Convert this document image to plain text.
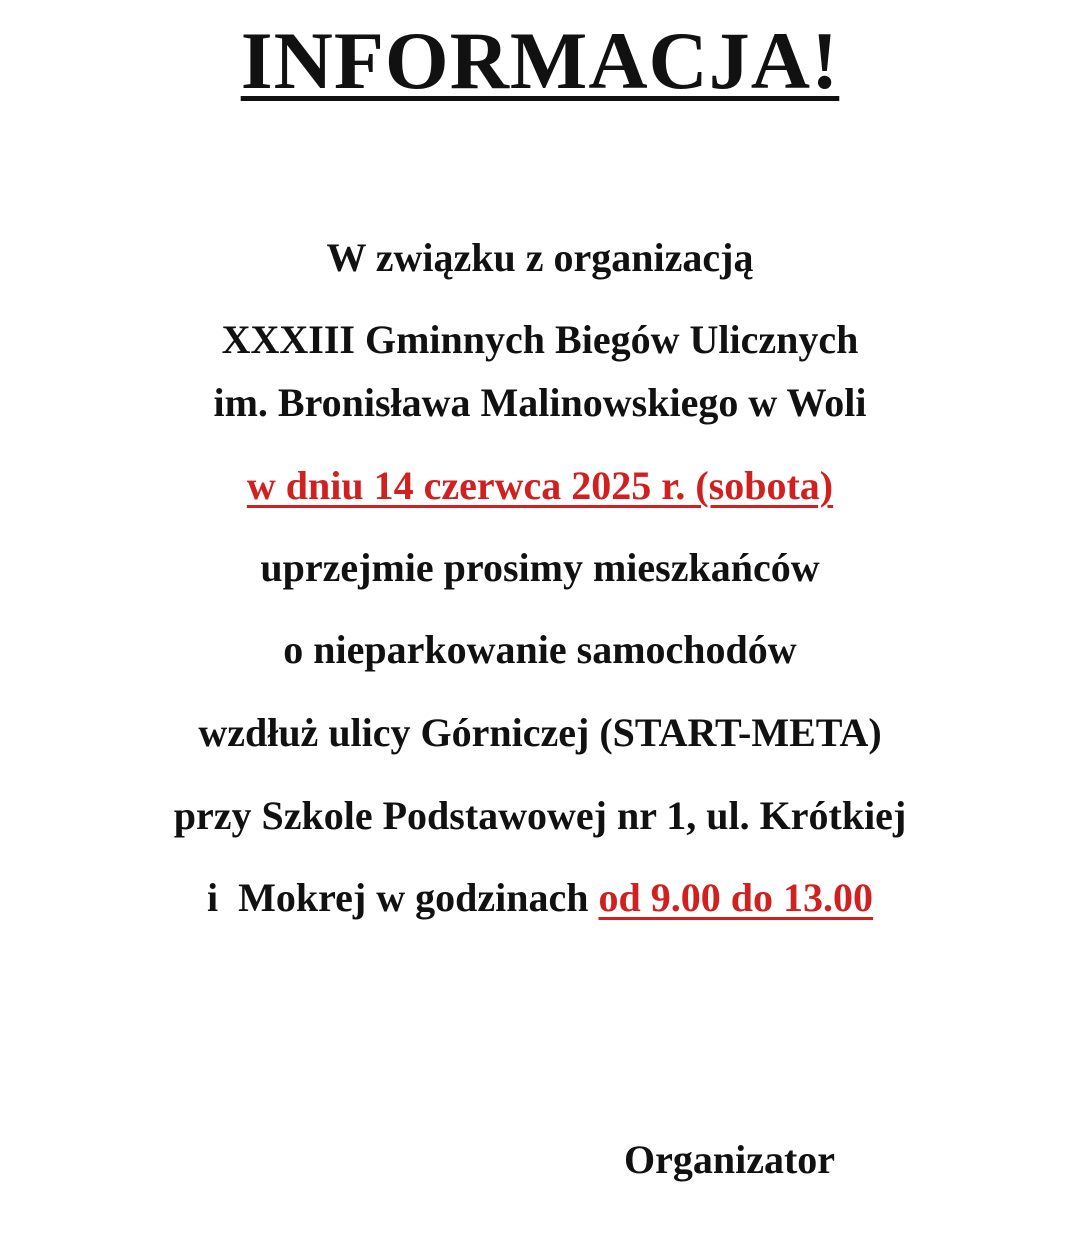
INFORMACJA!
W związku z organizacją
XXXIII Gminnych Biegów Ulicznych
im. Bronisława Malinowskiego w Woli
w dniu 14 czerwca 2025 r. (sobota)
uprzejmie prosimy mieszkańców
o nieparkowanie samochodów
wzdłuż ulicy Górniczej (START-META)
przy Szkole Podstawowej nr 1, ul. Krótkiej
i  Mokrej w godzinach od 9.00 do 13.00
Organizator
